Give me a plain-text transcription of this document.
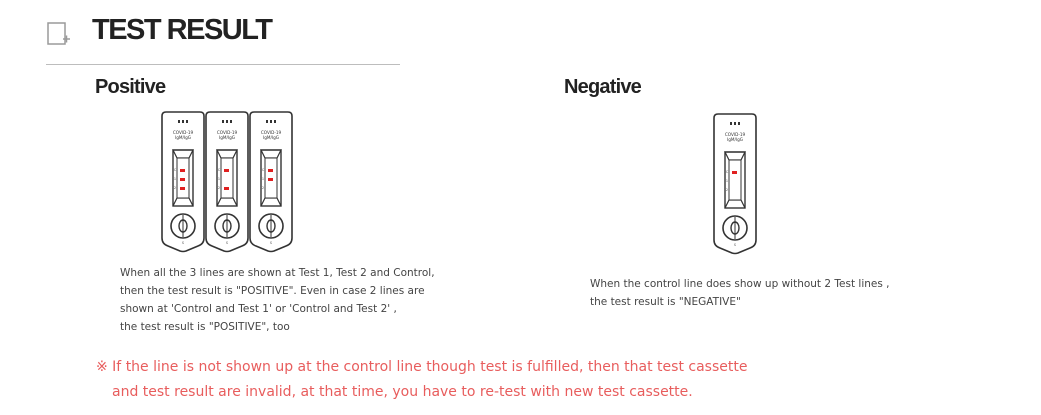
TEST RESULT
Positive
When all the 3 lines are shown at Test 1, Test 2 and Control,
then the test result is "POSITIVE". Even in case 2 lines are
shown at 'Control and Test 1' or 'Control and Test 2' ,
the test result is "POSITIVE", too
Negative
When the control line does show up without 2 Test lines ,
the test result is "NEGATIVE"
※ If the line is not shown up at the control line though test is fulfilled, then that test cassette
and test result are invalid, at that time, you have to re-test with new test cassette.
